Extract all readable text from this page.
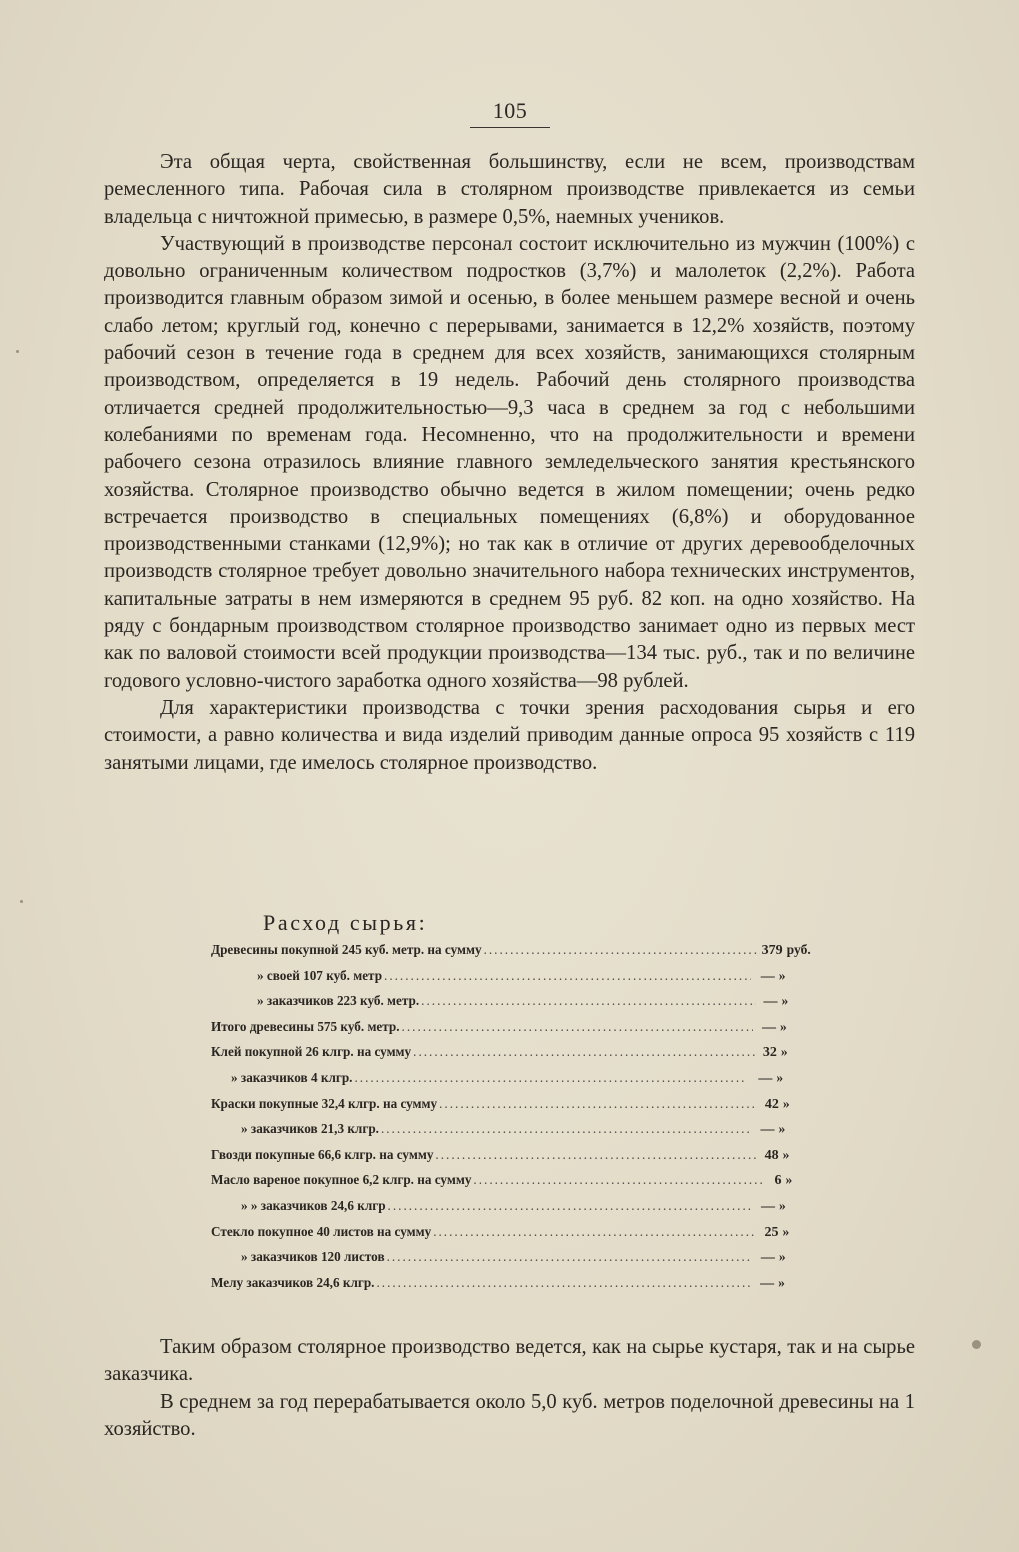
105

Эта общая черта, свойственная большинству, если не всем, производствам ремесленного типа. Рабочая сила в столярном производстве привлекается из семьи владельца с ничтожной примесью, в размере 0,5%, наемных учеников.

Участвующий в производстве персонал состоит исключительно из мужчин (100%) с довольно ограниченным количеством подростков (3,7%) и малолеток (2,2%). Работа производится главным образом зимой и осенью, в более меньшем размере весной и очень слабо летом; круглый год, конечно с перерывами, занимается в 12,2% хозяйств, поэтому рабочий сезон в течение года в среднем для всех хозяйств, занимающихся столярным производством, определяется в 19 недель. Рабочий день столярного производства отличается средней продолжительностью—9,3 часа в среднем за год с небольшими колебаниями по временам года. Несомненно, что на продолжительности и времени рабочего сезона отразилось влияние главного земледельческого занятия крестьянского хозяйства. Столярное производство обычно ведется в жилом помещении; очень редко встречается производство в специальных помещениях (6,8%) и оборудованное производственными станками (12,9%); но так как в отличие от других деревообделочных производств столярное требует довольно значительного набора технических инструментов, капитальные затраты в нем измеряются в среднем 95 руб. 82 коп. на одно хозяйство. На ряду с бондарным производством столярное производство занимает одно из первых мест как по валовой стоимости всей продукции производства—134 тыс. руб., так и по величине годового условно-чистого заработка одного хозяйства—98 рублей.

Для характеристики производства с точки зрения расходования сырья и его стоимости, а равно количества и вида изделий приводим данные опроса 95 хозяйств с 119 занятыми лицами, где имелось столярное производство.

Расход сырья:
Древесины покупной 245 куб. метр. на сумму .....	379 руб.
» своей 107 куб. метр .....	— »
» заказчиков 223 куб. метр. .....	— »
Итого древесины 575 куб. метр. .....	— »
Клей покупной 26 клгр. на сумму .....	32 »
» заказчиков 4 клгр. .....	— »
Краски покупные 32,4 клгр. на сумму .....	42 »
» заказчиков 21,3 клгр. .....	— »
Гвозди покупные 66,6 клгр. на сумму .....	48 »
Масло вареное покупное 6,2 клгр. на сумму .....	6 »
» » заказчиков 24,6 клгр .....	— »
Стекло покупное 40 листов на сумму .....	25 »
» заказчиков 120 листов .....	— »
Мелу заказчиков 24,6 клгр. .....	— »

Таким образом столярное производство ведется, как на сырье кустаря, так и на сырье заказчика.

В среднем за год перерабатывается около 5,0 куб. метров поделочной древесины на 1 хозяйство.
